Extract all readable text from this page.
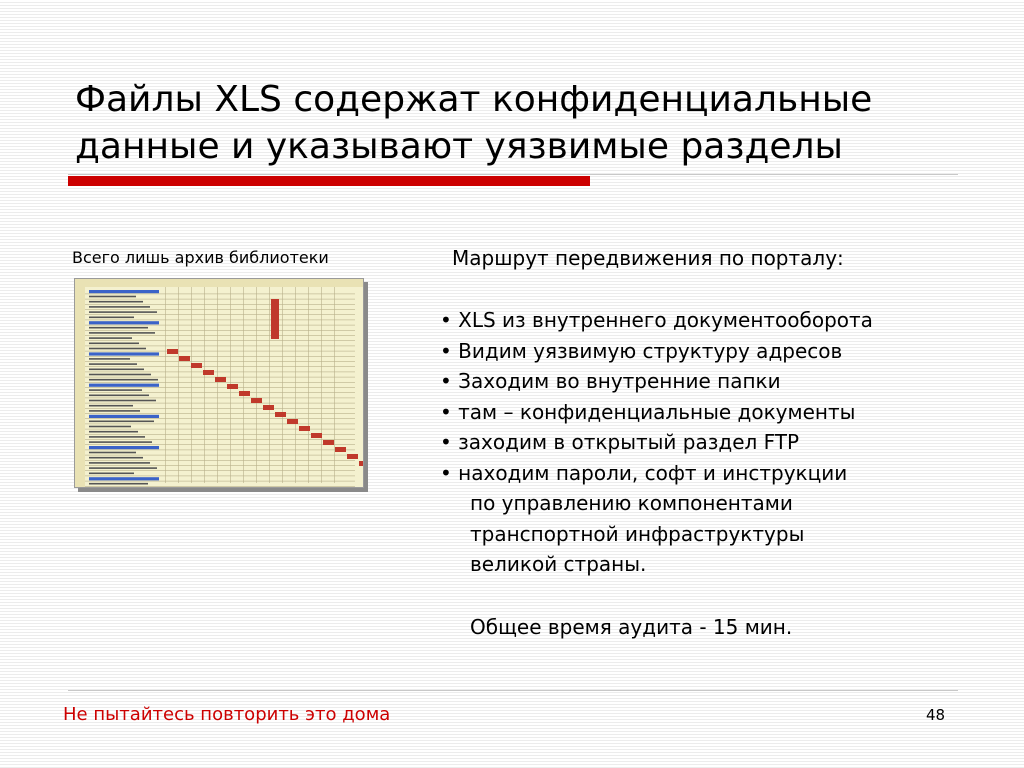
Файлы XLS содержат конфиденциальные
данные и указывают уязвимые разделы
Всего лишь архив библиотеки	Маршрут передвижения по порталу:
• XLS из внутреннего документооборота
• Видим уязвимую структуру адресов
• Заходим во внутренние папки
• там – конфиденциальные документы
• заходим в открытый раздел FTP
• находим пароли, софт и инструкции
по управлению компонентами
транспортной инфраструктуры
великой страны.
Общее время аудита - 15 мин.
Не пытайтесь повторить это дома	48
